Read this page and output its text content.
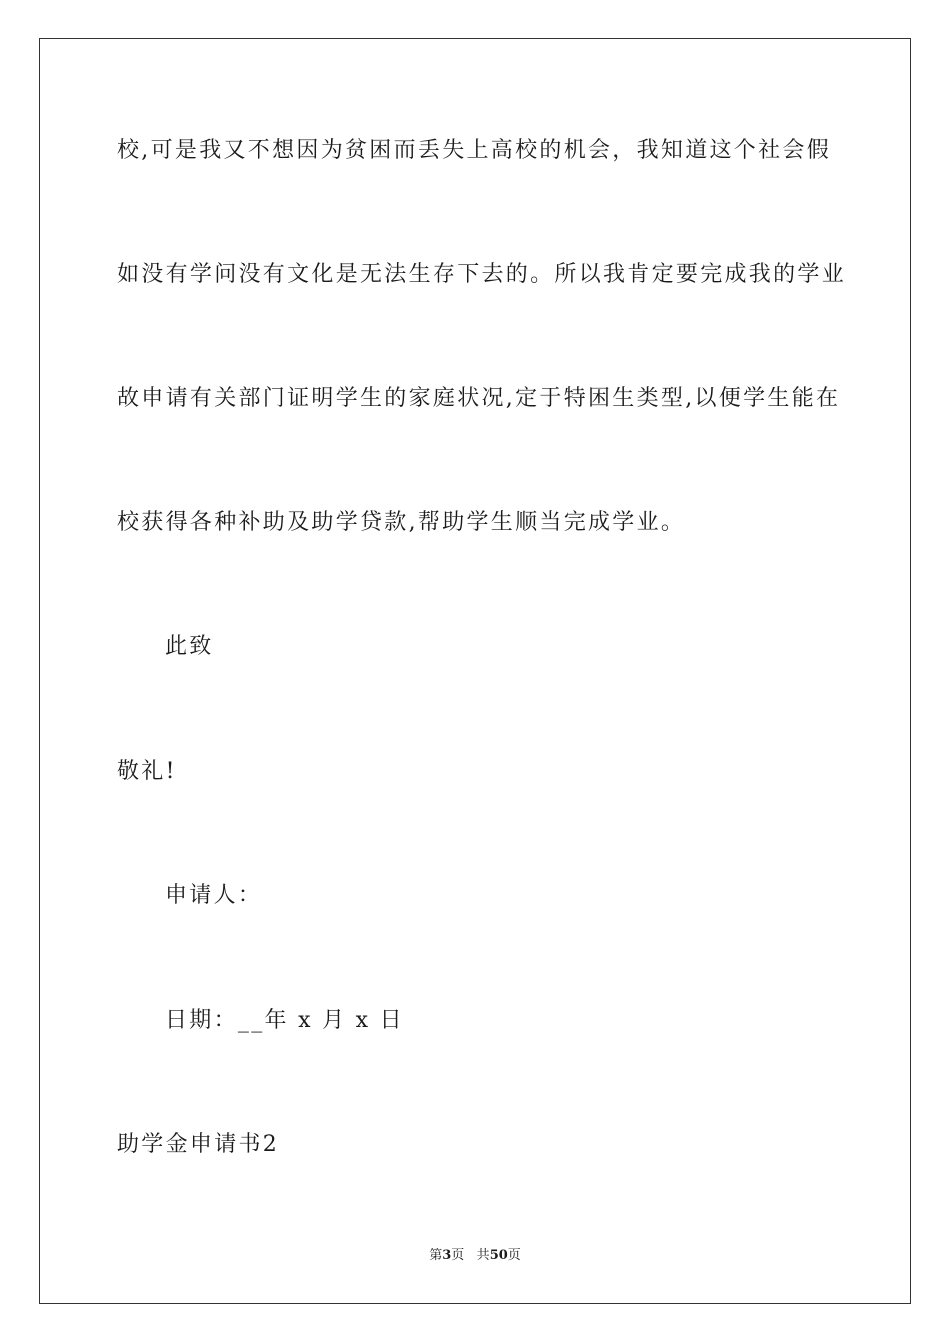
校,可是我又不想因为贫困而丢失上高校的机会，我知道这个社会假
如没有学问没有文化是无法生存下去的。所以我肯定要完成我的学业
故申请有关部门证明学生的家庭状况,定于特困生类型,以便学生能在
校获得各种补助及助学贷款,帮助学生顺当完成学业。
此致
敬礼!
申请人：
日期：__年 x 月 x 日
助学金申请书2
第3页 共50页
